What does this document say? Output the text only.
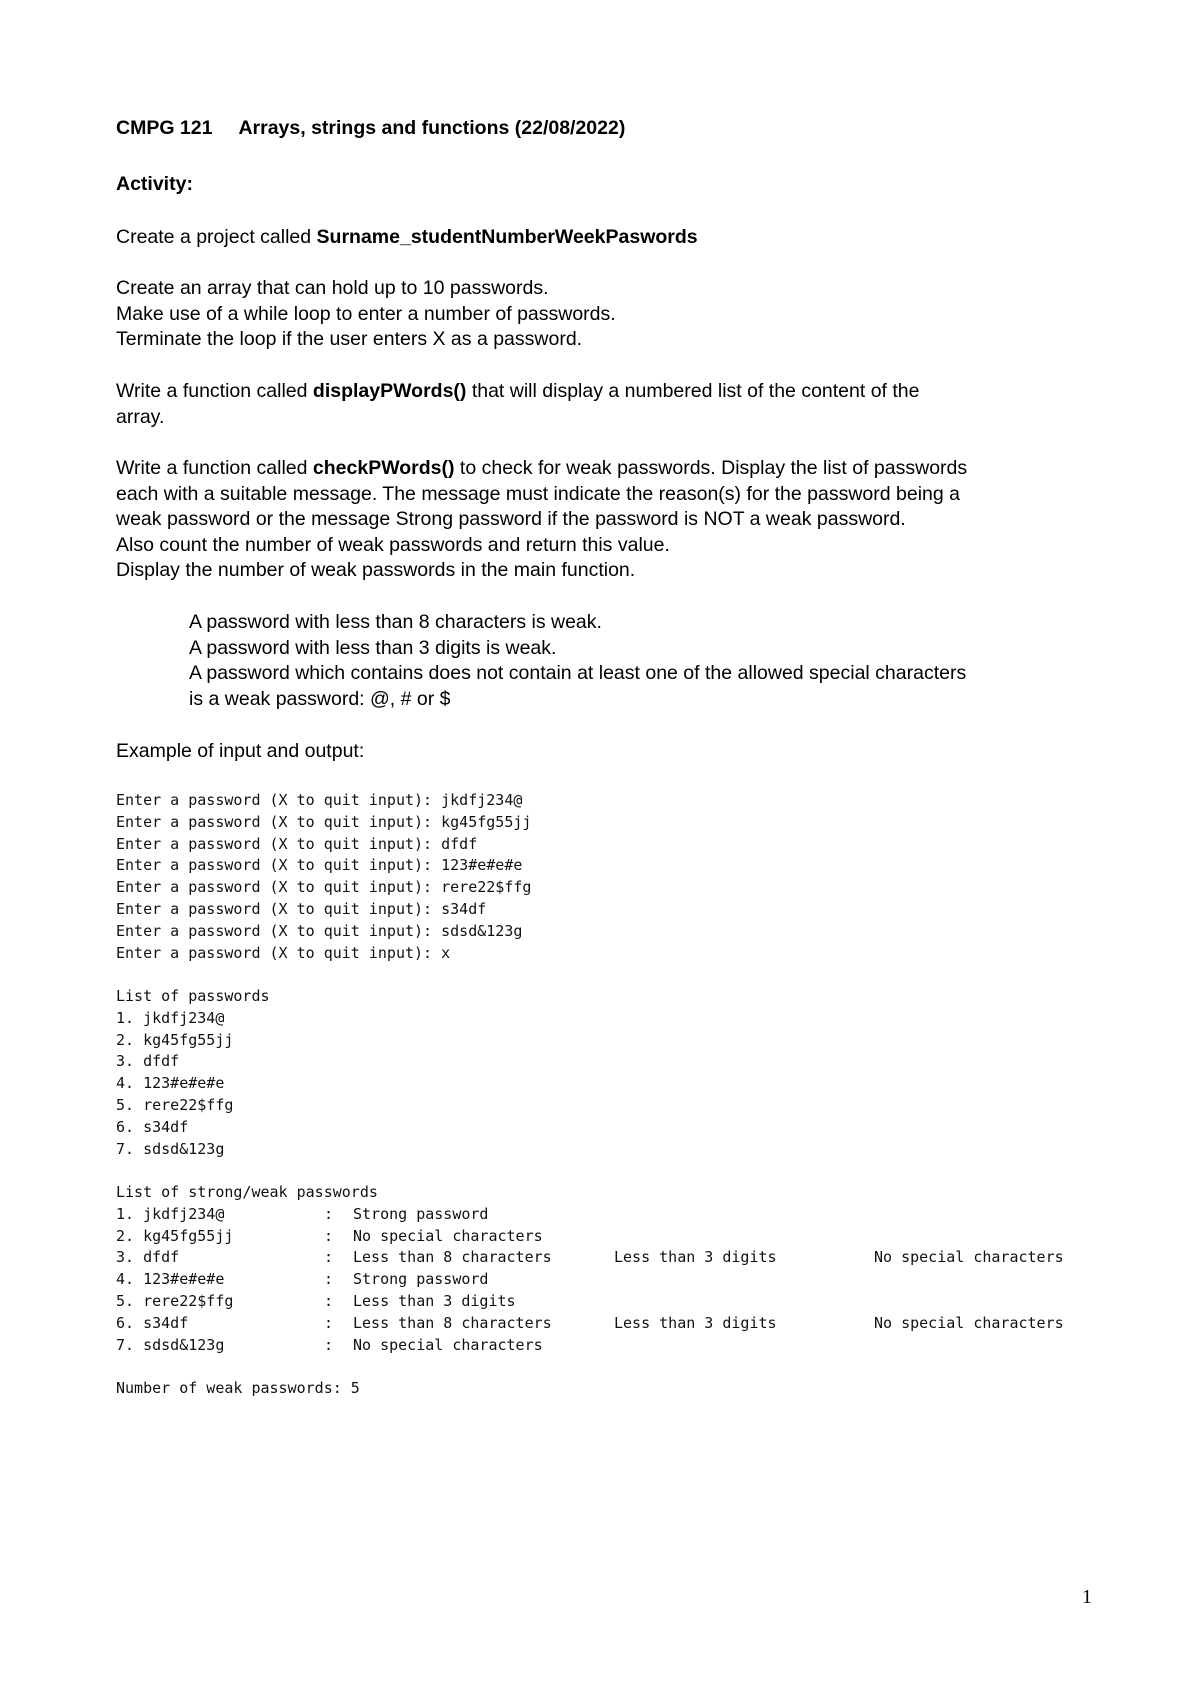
CMPG 121 Arrays, strings and functions (22/08/2022)
Activity:
Create a project called Surname_studentNumberWeekPaswords
Create an array that can hold up to 10 passwords.
Make use of a while loop to enter a number of passwords.
Terminate the loop if the user enters X as a password.
Write a function called displayPWords() that will display a numbered list of the content of the
array.
Write a function called checkPWords() to check for weak passwords. Display the list of passwords
each with a suitable message. The message must indicate the reason(s) for the password being a
weak password or the message Strong password if the password is NOT a weak password.
Also count the number of weak passwords and return this value.
Display the number of weak passwords in the main function.
A password with less than 8 characters is weak.
A password with less than 3 digits is weak.
A password which contains does not contain at least one of the allowed special characters
is a weak password: @, # or $
Example of input and output:
Enter a password (X to quit input): jkdfj234@
Enter a password (X to quit input): kg45fg55jj
Enter a password (X to quit input): dfdf
Enter a password (X to quit input): 123#e#e#e
Enter a password (X to quit input): rere22$ffg
Enter a password (X to quit input): s34df
Enter a password (X to quit input): sdsd&123g
Enter a password (X to quit input): x
List of passwords
1. jkdfj234@
2. kg45fg55jj
3. dfdf
4. 123#e#e#e
5. rere22$ffg
6. s34df
7. sdsd&123g
List of strong/weak passwords
1. jkdfj234@	: Strong password
2. kg45fg55jj	: No special characters
3. dfdf	: Less than 8 characters	Less than 3 digits	No special characters
4. 123#e#e#e	: Strong password
5. rere22$ffg	: Less than 3 digits
6. s34df	: Less than 8 characters	Less than 3 digits	No special characters
7. sdsd&123g	: No special characters
Number of weak passwords: 5
1
